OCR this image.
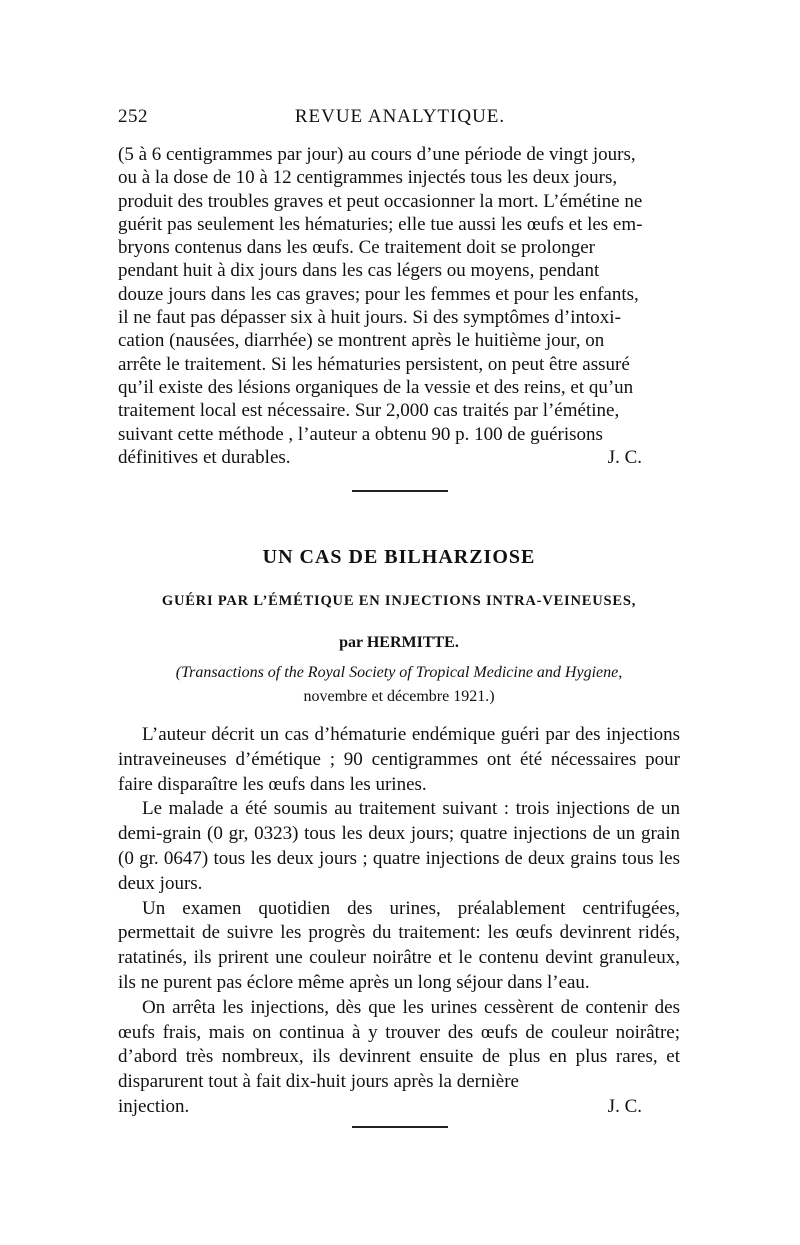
252	REVUE ANALYTIQUE.

(5 à 6 centigrammes par jour) au cours d’une période de vingt jours,

ou à la dose de 10 à 12 centigrammes injectés tous les deux jours,

produit des troubles graves et peut occasionner la mort. L’émétine ne

guérit pas seulement les hématuries; elle tue aussi les œufs et les em-

bryons contenus dans les œufs. Ce traitement doit se prolonger

pendant huit à dix jours dans les cas légers ou moyens, pendant

douze jours dans les cas graves; pour les femmes et pour les enfants,

il ne faut pas dépasser six à huit jours. Si des symptômes d’intoxi-

cation (nausées, diarrhée) se montrent après le huitième jour, on

arrête le traitement. Si les hématuries persistent, on peut être assuré

qu’il existe des lésions organiques de la vessie et des reins, et qu’un

traitement local est nécessaire. Sur 2,000 cas traités par l’émétine,

suivant cette méthode , l’auteur a obtenu 90 p. 100 de guérisons

définitives et durables.	J. C.
UN CAS DE BILHARZIOSE
GUÉRI PAR L’ÉMÉTIQUE EN INJECTIONS INTRA-VEINEUSES,
par HERMITTE.
(Transactions of the Royal Society of Tropical Medicine and Hygiene,
novembre et décembre 1921.)

L’auteur décrit un cas d’hématurie endémique guéri par des injections intraveineuses d’émétique ; 90 centigrammes ont été nécessaires pour faire disparaître les œufs dans les urines.

Le malade a été soumis au traitement suivant : trois injections de un demi-grain (0 gr, 0323) tous les deux jours; quatre injections de un grain (0 gr. 0647) tous les deux jours ; quatre injections de deux grains tous les deux jours.

Un examen quotidien des urines, préalablement centrifugées, permettait de suivre les progrès du traitement: les œufs devinrent ridés, ratatinés, ils prirent une couleur noirâtre et le contenu devint granuleux, ils ne purent pas éclore même après un long séjour dans l’eau.

On arrêta les injections, dès que les urines cessèrent de contenir des œufs frais, mais on continua à y trouver des œufs de couleur noirâtre; d’abord très nombreux, ils devinrent ensuite de plus en plus rares, et disparurent tout à fait dix-huit jours après la dernière

injection.	J. C.
